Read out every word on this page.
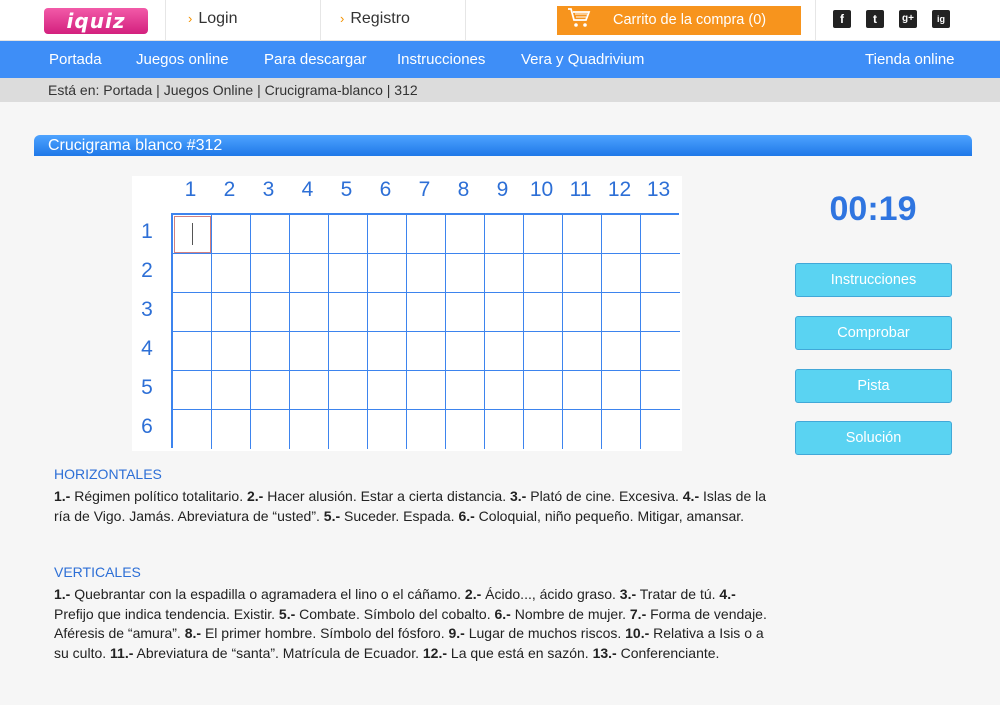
iquiz	› Login	› Registro	Carrito de la compra (0)	f	t	g+	ig
Portada Juegos online Para descargar Instrucciones Vera y Quadrivium	Tienda online
Está en: Portada | Juegos Online | Crucigrama-blanco | 312
Crucigrama blanco #312
1	2	3	4	5	6	7	8	9	10 11 12 13
1
2
3
4
5
6
00:19
Instrucciones
Comprobar
Pista
Solución
HORIZONTALES
1.- Régimen político totalitario. 2.- Hacer alusión. Estar a cierta distancia. 3.- Plató de cine. Excesiva. 4.- Islas de la ría de Vigo. Jamás. Abreviatura de “usted”. 5.- Suceder. Espada. 6.- Coloquial, niño pequeño. Mitigar, amansar.
VERTICALES
1.- Quebrantar con la espadilla o agramadera el lino o el cáñamo. 2.- Ácido..., ácido graso. 3.- Tratar de tú. 4.- Prefijo que indica tendencia. Existir. 5.- Combate. Símbolo del cobalto. 6.- Nombre de mujer. 7.- Forma de vendaje. Aféresis de “amura”. 8.- El primer hombre. Símbolo del fósforo. 9.- Lugar de muchos riscos. 10.- Relativa a Isis o a su culto. 11.- Abreviatura de “santa”. Matrícula de Ecuador. 12.- La que está en sazón. 13.- Conferenciante.
